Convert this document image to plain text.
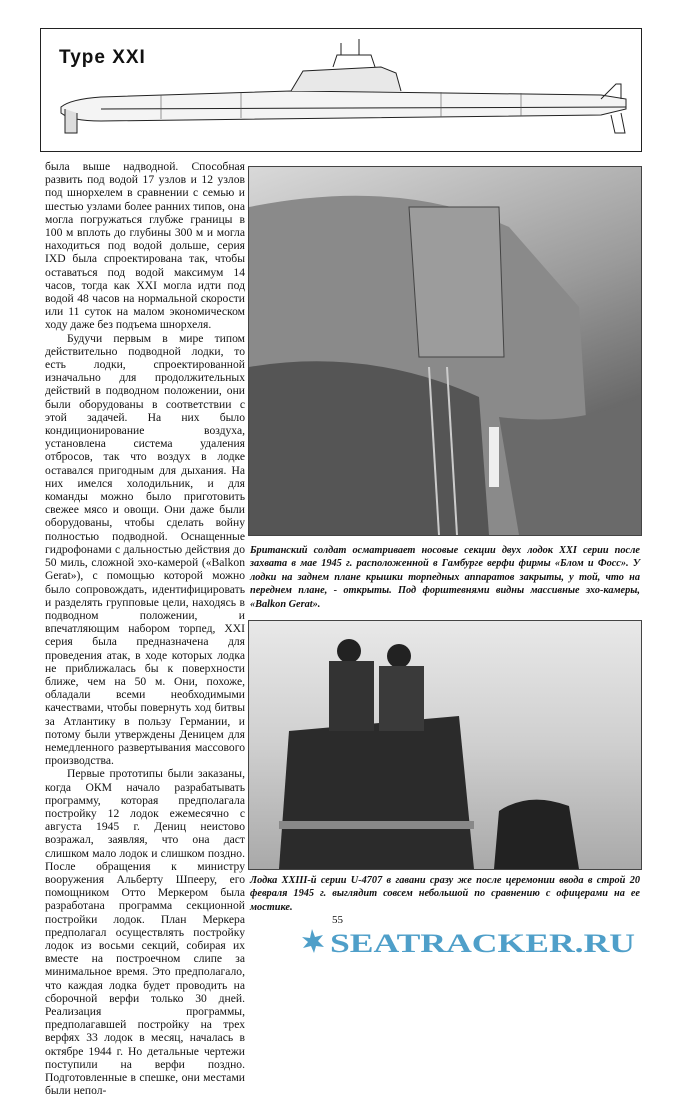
Type XXI

была выше надводной. Способная развить под водой 17 узлов и 12 узлов под шнорхелем в сравнении с семью и шестью узлами более ранних типов, она могла погружаться глубже границы в 100 м вплоть до глубины 300 м и могла находиться под водой дольше, серия IXD была спроектирована так, чтобы оставаться под водой максимум 14 часов, тогда как XXI могла идти под водой 48 часов на нормальной скорости или 11 суток на малом экономическом ходу даже без подъема шнорхеля.

Будучи первым в мире типом действительно подводной лодки, то есть лодки, спроектированной изначально для продолжительных действий в подводном положении, они были оборудованы в соответствии с этой задачей. На них было кондиционирование воздуха, установлена система удаления отбросов, так что воздух в лодке оставался пригодным для дыхания. На них имелся холодильник, и для команды можно было приготовить свежее мясо и овощи. Они даже были оборудованы, чтобы сделать войну полностью подводной. Оснащенные гидрофонами с дальностью действия до 50 миль, сложной эхо-камерой («Balkon Gerat»), с помощью которой можно было сопровождать, идентифицировать и разделять групповые цели, находясь в подводном положении, и впечатляющим набором торпед, XXI серия была предназначена для проведения атак, в ходе которых лодка не приближалась бы к поверхности ближе, чем на 50 м. Они, похоже, обладали всеми необходимыми качествами, чтобы повернуть ход битвы за Атлантику в пользу Германии, и потому были утверждены Деницем для немедленного развертывания массового производства.

Первые прототипы были заказаны, когда ОКМ начало разрабатывать программу, которая предполагала постройку 12 лодок ежемесячно с августа 1945 г. Дениц неистово возражал, заявляя, что она даст слишком мало лодок и слишком поздно. После обращения к министру вооружения Альберту Шпееру, его помощником Отто Меркером была разработана программа секционной постройки лодок. План Меркера предполагал осуществлять постройку лодок из восьми секций, собирая их вместе на построечном слипе за минимальное время. Это предполагало, что каждая лодка будет проводить на сборочной верфи только 30 дней. Реализация программы, предполагавшей постройку на трех верфях 33 лодок в месяц, началась в октябре 1944 г. Но детальные чертежи поступили на верфи поздно. Подготовленные в спешке, они местами были непол-

Британский солдат осматривает носовые секции двух лодок XXI серии после захвата в мае 1945 г. расположенной в Гамбурге верфи фирмы «Блом и Фосс». У лодки на заднем плане крышки торпедных аппаратов закрыты, у той, что на переднем плане, - открыты. Под форштевнями видны массивные эхо-камеры, «Balkon Gerat».
Лодка XXIII-й серии U-4707 в гавани сразу же после церемонии ввода в строй 20 февраля 1945 г. выглядит совсем небольшой по сравнению с офицерами на ее мостике.
55
SEATRACKER.RU
